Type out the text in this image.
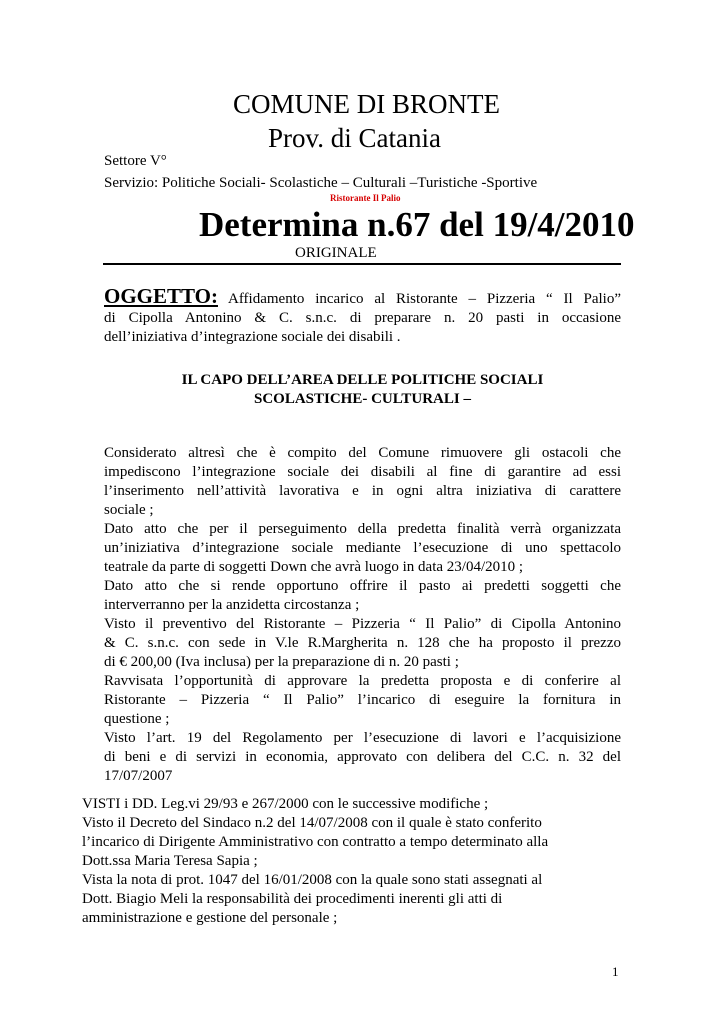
COMUNE DI BRONTE
Prov. di Catania
Settore V°
Servizio: Politiche Sociali- Scolastiche – Culturali –Turistiche -Sportive
Ristorante Il Palio
Determina n.67 del 19/4/2010
ORIGINALE
OGGETTO: Affidamento incarico al Ristorante – Pizzeria “ Il Palio”
di Cipolla Antonino & C. s.n.c. di preparare n. 20 pasti in occasione
dell’iniziativa d’integrazione sociale dei disabili .
IL CAPO DELL’AREA DELLE POLITICHE SOCIALI
SCOLASTICHE- CULTURALI –
Considerato altresì che è compito del Comune rimuovere gli ostacoli che
impediscono l’integrazione sociale dei disabili al fine di garantire ad essi
l’inserimento nell’attività lavorativa e in ogni altra iniziativa di carattere
sociale ;
Dato atto che per il perseguimento della predetta finalità verrà organizzata
un’iniziativa d’integrazione sociale mediante l’esecuzione di uno spettacolo
teatrale da parte di soggetti Down che avrà luogo in data 23/04/2010 ;
Dato atto che si rende opportuno offrire il pasto ai predetti soggetti che
interverranno per la anzidetta circostanza ;
Visto il preventivo del Ristorante – Pizzeria “ Il Palio” di Cipolla Antonino
& C. s.n.c. con sede in V.le R.Margherita n. 128 che ha proposto il prezzo
di € 200,00 (Iva inclusa) per la preparazione di n. 20 pasti ;
Ravvisata l’opportunità di approvare la predetta proposta e di conferire al
Ristorante – Pizzeria “ Il Palio” l’incarico di eseguire la fornitura in
questione ;
Visto l’art. 19 del Regolamento per l’esecuzione di lavori e l’acquisizione
di beni e di servizi in economia, approvato con delibera del C.C. n. 32 del
17/07/2007
VISTI i DD. Leg.vi 29/93 e 267/2000 con le successive modifiche ;
Visto il Decreto del Sindaco n.2 del 14/07/2008 con il quale è stato conferito
l’incarico di Dirigente Amministrativo con contratto a tempo determinato alla
Dott.ssa Maria Teresa Sapia ;
Vista la nota di prot. 1047 del 16/01/2008 con la quale sono stati assegnati al
Dott. Biagio Meli la responsabilità dei procedimenti inerenti gli atti di
amministrazione e gestione del personale ;
1
